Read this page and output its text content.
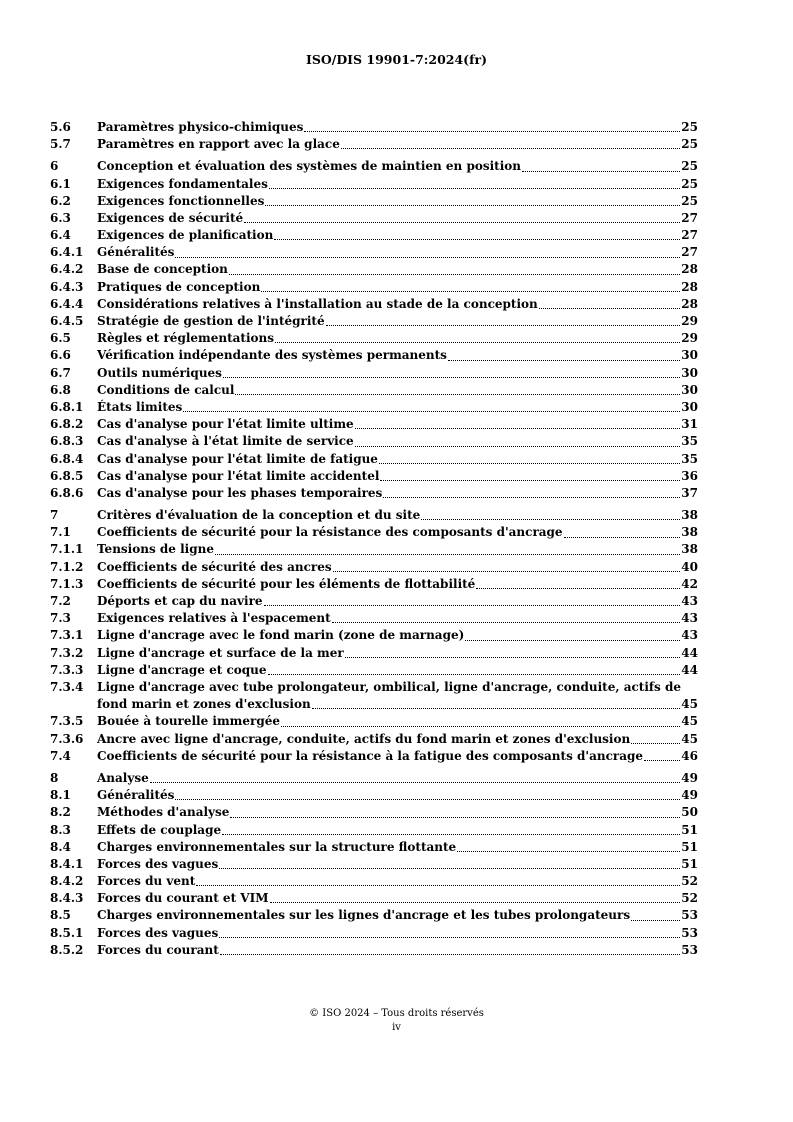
ISO/DIS 19901-7:2024(fr)
5.6	Paramètres physico-chimiques	25
5.7	Paramètres en rapport avec la glace	25
6	Conception et évaluation des systèmes de maintien en position	25
6.1	Exigences fondamentales	25
6.2	Exigences fonctionnelles	25
6.3	Exigences de sécurité	27
6.4	Exigences de planification	27
6.4.1	Généralités	27
6.4.2	Base de conception	28
6.4.3	Pratiques de conception	28
6.4.4	Considérations relatives à l'installation au stade de la conception	28
6.4.5	Stratégie de gestion de l'intégrité	29
6.5	Règles et réglementations	29
6.6	Vérification indépendante des systèmes permanents	30
6.7	Outils numériques	30
6.8	Conditions de calcul	30
6.8.1	États limites	30
6.8.2	Cas d'analyse pour l'état limite ultime	31
6.8.3	Cas d'analyse à l'état limite de service	35
6.8.4	Cas d'analyse pour l'état limite de fatigue	35
6.8.5	Cas d'analyse pour l'état limite accidentel	36
6.8.6	Cas d'analyse pour les phases temporaires	37
7	Critères d'évaluation de la conception et du site	38
7.1	Coefficients de sécurité pour la résistance des composants d'ancrage	38
7.1.1	Tensions de ligne	38
7.1.2	Coefficients de sécurité des ancres	40
7.1.3	Coefficients de sécurité pour les éléments de flottabilité	42
7.2	Déports et cap du navire	43
7.3	Exigences relatives à l'espacement	43
7.3.1	Ligne d'ancrage avec le fond marin (zone de marnage)	43
7.3.2	Ligne d'ancrage et surface de la mer	44
7.3.3	Ligne d'ancrage et coque	44
7.3.4	Ligne d'ancrage avec tube prolongateur, ombilical, ligne d'ancrage, conduite, actifs de
fond marin et zones d'exclusion	45
7.3.5	Bouée à tourelle immergée	45
7.3.6	Ancre avec ligne d'ancrage, conduite, actifs du fond marin et zones d'exclusion	45
7.4	Coefficients de sécurité pour la résistance à la fatigue des composants d'ancrage	46
8	Analyse	49
8.1	Généralités	49
8.2	Méthodes d'analyse	50
8.3	Effets de couplage	51
8.4	Charges environnementales sur la structure flottante	51
8.4.1	Forces des vagues	51
8.4.2	Forces du vent	52
8.4.3	Forces du courant et VIM	52
8.5	Charges environnementales sur les lignes d'ancrage et les tubes prolongateurs	53
8.5.1	Forces des vagues	53
8.5.2	Forces du courant	53
© ISO 2024 – Tous droits réservés
iv
